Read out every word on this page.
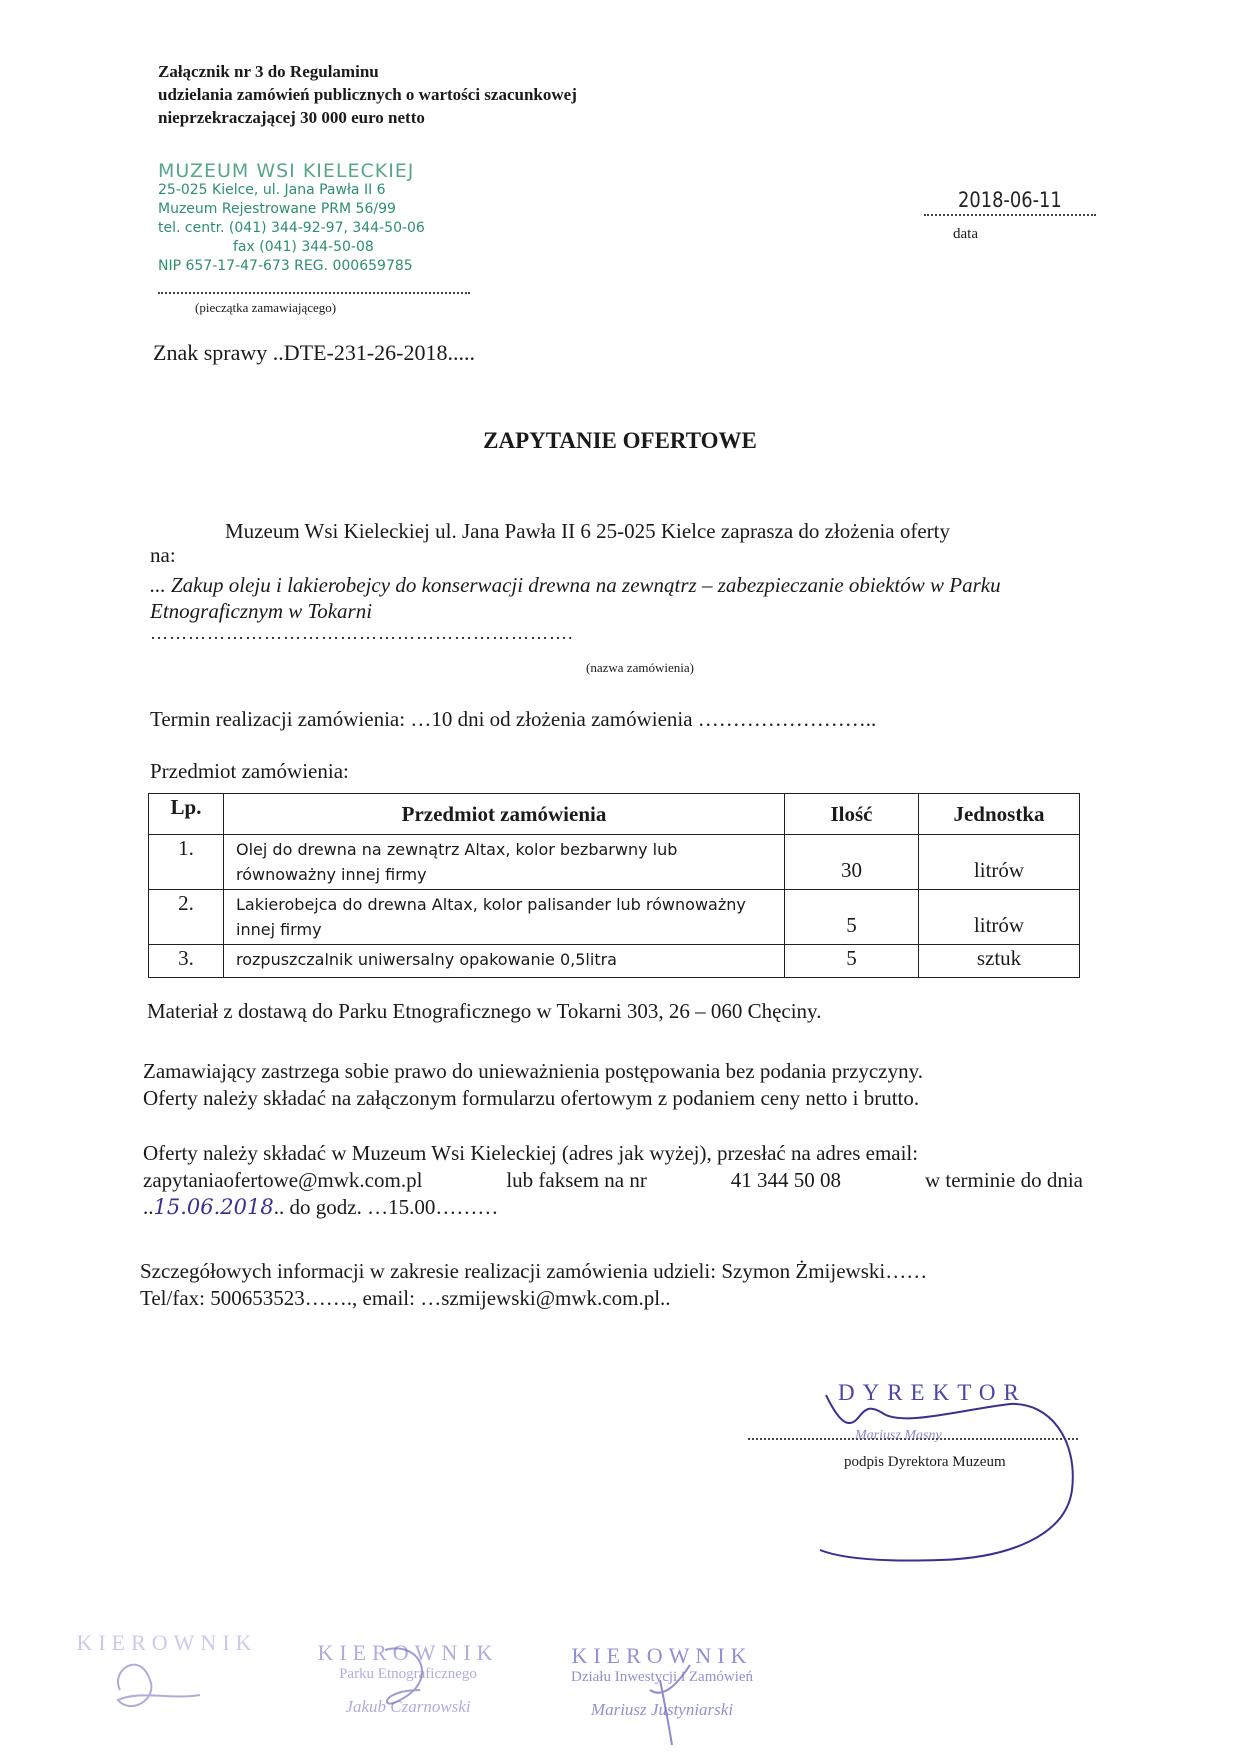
Załącznik nr 3 do Regulaminu
udzielania zamówień publicznych o wartości szacunkowej
nieprzekraczającej 30 000 euro netto
MUZEUM WSI KIELECKIEJ
25-025 Kielce, ul. Jana Pawła II 6
Muzeum Rejestrowane PRM 56/99
tel. centr. (041) 344-92-97, 344-50-06
fax (041) 344-50-08
NIP 657-17-47-673 REG. 000659785
(pieczątka zamawiającego)
2018-06-11
data
Znak sprawy ..DTE-231-26-2018.....
ZAPYTANIE OFERTOWE
Muzeum Wsi Kieleckiej ul. Jana Pawła II 6 25-025 Kielce zaprasza do złożenia oferty
na:
... Zakup oleju i lakierobejcy do konserwacji drewna na zewnątrz – zabezpieczanie obiektów w Parku Etnograficznym w Tokarni
………………………………………………………….
(nazwa zamówienia)
Termin realizacji zamówienia: …10 dni od złożenia zamówienia ……………………..
Przedmiot zamówienia:
Lp.	Przedmiot zamówienia	Ilość	Jednostka
1.	Olej do drewna na zewnątrz Altax, kolor bezbarwny lub równoważny innej firmy	30	litrów
2.	Lakierobejca do drewna Altax, kolor palisander lub równoważny innej firmy	5	litrów
3.	rozpuszczalnik uniwersalny opakowanie 0,5litra	5	sztuk
Materiał z dostawą do Parku Etnograficznego w Tokarni 303, 26 – 060 Chęciny.
Zamawiający zastrzega sobie prawo do unieważnienia postępowania bez podania przyczyny.
Oferty należy składać na załączonym formularzu ofertowym z podaniem ceny netto i brutto.
Oferty należy składać w Muzeum Wsi Kieleckiej (adres jak wyżej), przesłać na adres email:
zapytaniaofertowe@mwk.com.pl	lub faksem na nr	41 344 50 08	w terminie do dnia
..15.06.2018.. do godz. …15.00………
Szczegółowych informacji w zakresie realizacji zamówienia udzieli: Szymon Żmijewski……
Tel/fax: 500653523……., email: …szmijewski@mwk.com.pl..
DYREKTOR
Mariusz Masny
podpis Dyrektora Muzeum
KIEROWNIK	KIEROWNIK
Parku Etnograficznego
Jakub Czarnowski
KIEROWNIK
Działu Inwestycji i Zamówień
Mariusz Justyniarski
